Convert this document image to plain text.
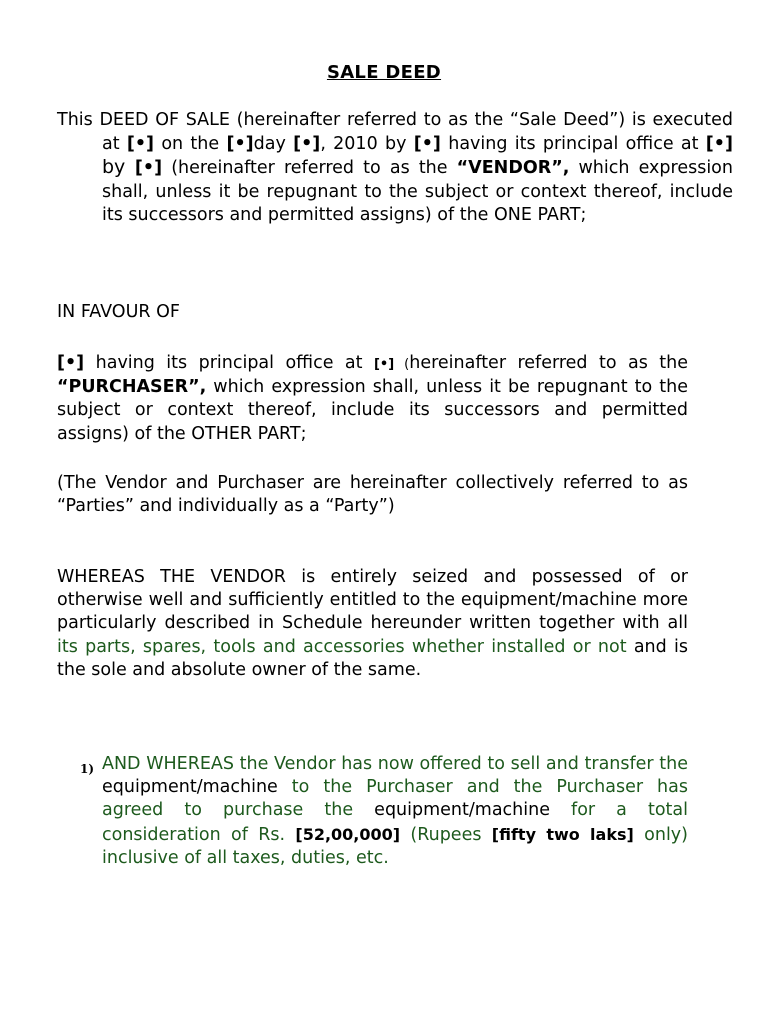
SALE DEED
This DEED OF SALE (hereinafter referred to as the “Sale Deed”) is executed at [•] on the [•]day [•], 2010 by [•] having its principal office at [•] by [•] (hereinafter referred to as the “VENDOR”, which expression shall, unless it be repugnant to the subject or context thereof, include its successors and permitted assigns) of the ONE PART;
IN FAVOUR OF
[•] having its principal office at [•] (hereinafter referred to as the “PURCHASER”, which expression shall, unless it be repugnant to the subject or context thereof, include its successors and permitted assigns) of the OTHER PART;
(The Vendor and Purchaser are hereinafter collectively referred to as “Parties” and individually as a “Party”)
WHEREAS THE VENDOR is entirely seized and possessed of or otherwise well and sufficiently entitled to the equipment/machine more particularly described in Schedule hereunder written together with all its parts, spares, tools and accessories whether installed or not and is the sole and absolute owner of the same.
1) AND WHEREAS the Vendor has now offered to sell and transfer the equipment/machine to the Purchaser and the Purchaser has agreed to purchase the equipment/machine for a total consideration of Rs. [52,00,000] (Rupees [fifty two laks] only) inclusive of all taxes, duties, etc.
